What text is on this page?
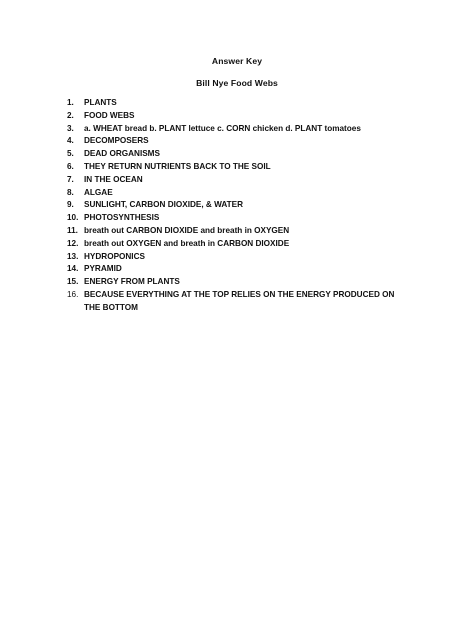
Answer Key
Bill Nye Food Webs
1.	PLANTS
2.	FOOD WEBS
3.	a. WHEAT bread b. PLANT lettuce c. CORN chicken d. PLANT tomatoes
4.	DECOMPOSERS
5.	DEAD ORGANISMS
6.	THEY RETURN NUTRIENTS BACK TO THE SOIL
7.	IN THE OCEAN
8.	ALGAE
9.	SUNLIGHT, CARBON DIOXIDE, & WATER
10. PHOTOSYNTHESIS
11. breath out CARBON DIOXIDE and breath in OXYGEN
12. breath out OXYGEN and breath in CARBON DIOXIDE
13. HYDROPONICS
14. PYRAMID
15. ENERGY FROM PLANTS
16. BECAUSE EVERYTHING AT THE TOP RELIES ON THE ENERGY PRODUCED ON THE BOTTOM
